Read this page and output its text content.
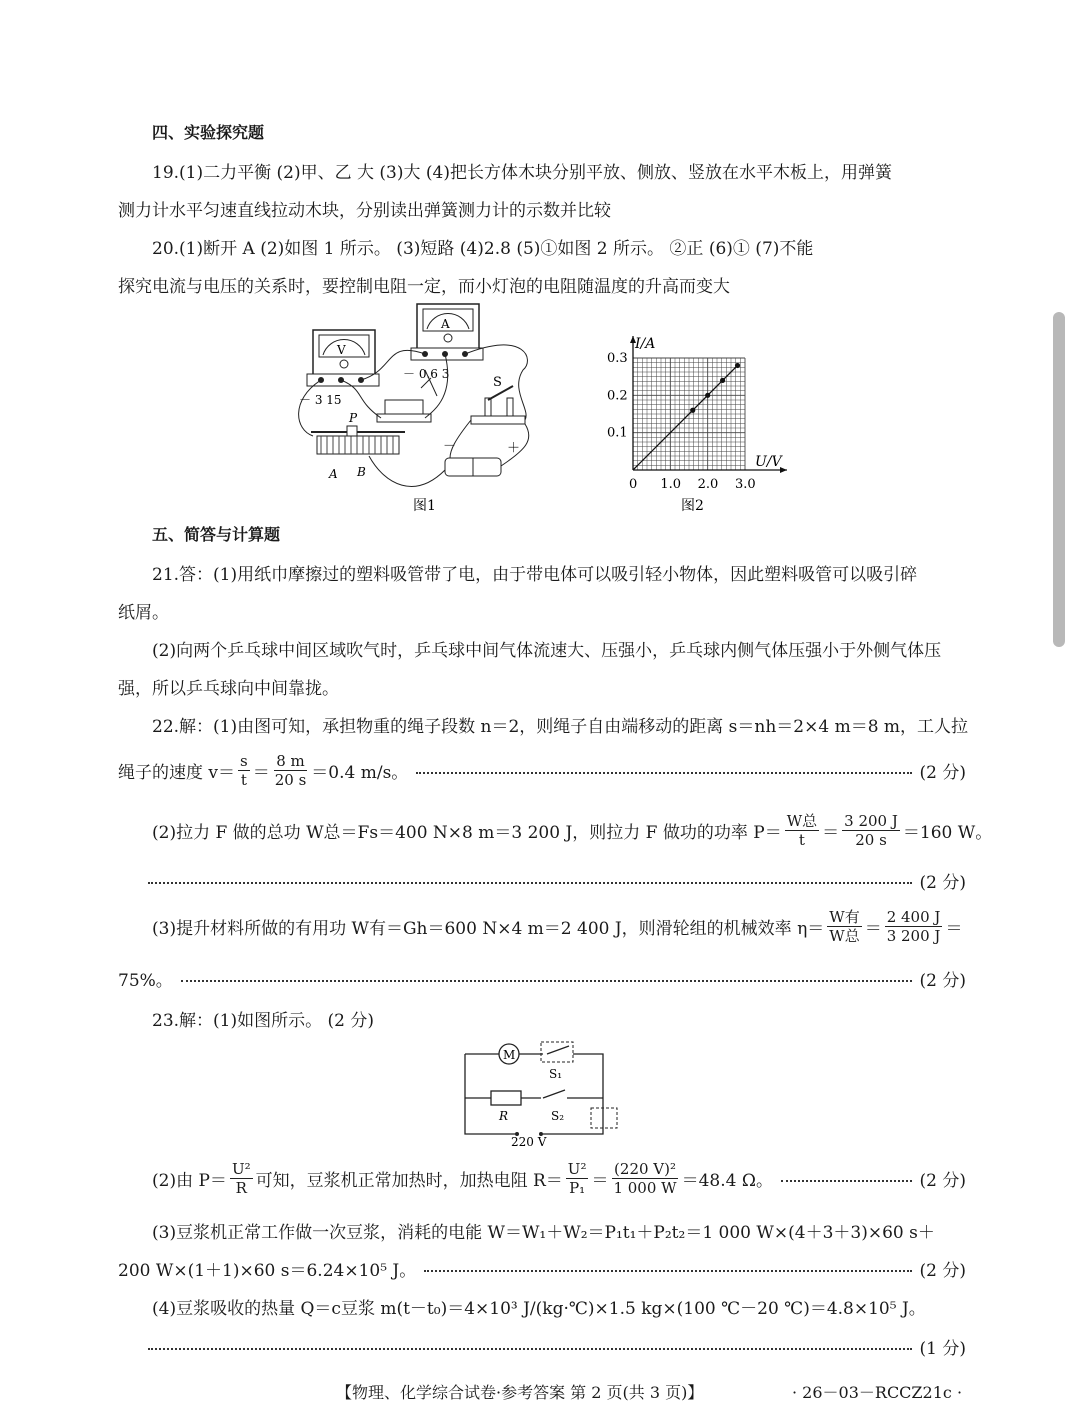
四、实验探究题
19.(1)二力平衡 (2)甲、乙 大 (3)大 (4)把长方体木块分别平放、侧放、竖放在水平木板上，用弹簧
测力计水平匀速直线拉动木块，分别读出弹簧测力计的示数并比较
20.(1)断开 A (2)如图 1 所示。 (3)短路 (4)2.8 (5)①如图 2 所示。 ②正 (6)① (7)不能
探究电流与电压的关系时，要控制电阻一定，而小灯泡的电阻随温度的升高而变大
V
－ 3 15
A
－ 0.6 3
S
－	＋
P
A B
图1
0 1.0 2.0 3.0
0.1
0.2
0.3
I/A
U/V
图2
五、简答与计算题
21.答：(1)用纸巾摩擦过的塑料吸管带了电，由于带电体可以吸引轻小物体，因此塑料吸管可以吸引碎
纸屑。
(2)向两个乒乓球中间区域吹气时，乒乓球中间气体流速大、压强小，乒乓球内侧气体压强小于外侧气体压
强，所以乒乓球向中间靠拢。
22.解：(1)由图可知，承担物重的绳子段数 n＝2，则绳子自由端移动的距离 s＝nh＝2×4 m＝8 m，工人拉
绳子的速度 $v= \frac{s}{t} = \frac{8 m}{20 s} =0.4$ m/s。	(2 分)
(2)拉力 F 做的总功 W总＝Fs＝400 N×8 m＝3 200 J，则拉力 F 做功的功率 $P= \frac{\text{W总}}{t} = \frac{3 200 J}{20 s} =160$ W。
(2 分)
(3)提升材料所做的有用功 W有＝Gh＝600 N×4 m＝2 400 J，则滑轮组的机械效率 $\eta= \frac{\text{W有}}{\text{W总}} = \frac{2 400 J}{3 200 J}$ ＝
75%。	(2 分)
23.解：(1)如图所示。 (2 分)
M
S₁
R	S₂
220 V
(2)由 $P= \frac{\text{U²}}{R}$ 可知，豆浆机正常加热时，加热电阻 $R= \frac{\text{U²}}{\text{P₁}} = \frac{\text{(220 V)²}}{1 000 W} =48.4$ Ω。	(2 分)
(3)豆浆机正常工作做一次豆浆，消耗的电能 W＝W₁＋W₂＝P₁t₁＋P₂t₂＝1 000 W×(4＋3＋3)×60 s＋
200 W×(1＋1)×60 s＝6.24×10⁵ J。	(2 分)
(4)豆浆吸收的热量 Q＝c豆浆 m(t－t₀)＝4×10³ J/(kg·℃)×1.5 kg×(100 ℃－20 ℃)＝4.8×10⁵ J。
(1 分)
【物理、化学综合试卷·参考答案 第 2 页(共 3 页)】	· 26－03－RCCZ21c ·
